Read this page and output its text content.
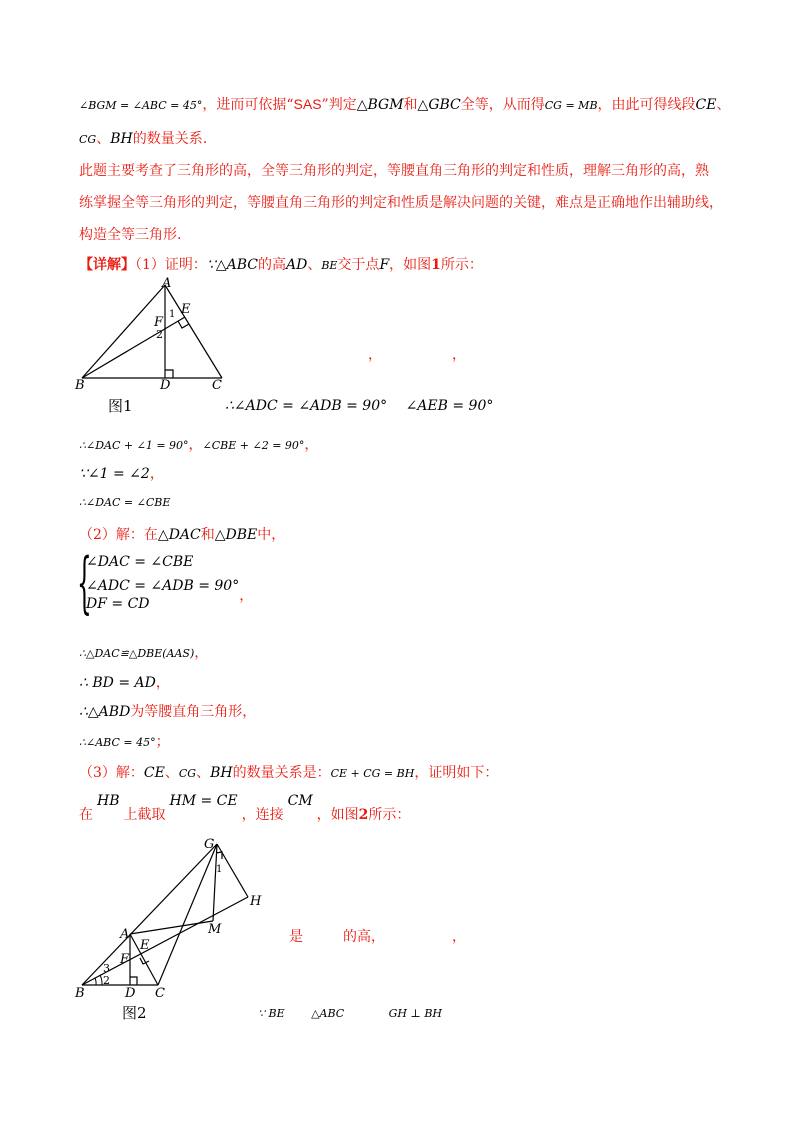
∠BGM = ∠ABC = 45°，进而可依据“SAS”判定△BGM和△GBC全等，从而得CG = MB，由此可得线段CE、
CG、BH的数量关系.
此题主要考查了三角形的高，全等三角形的判定，等腰直角三角形的判定和性质，理解三角形的高，熟
练掌握全等三角形的判定，等腰直角三角形的判定和性质是解决问题的关键，难点是正确地作出辅助线，
构造全等三角形.
【详解】（1）证明：∵△ABC的高AD、BE交于点F，如图1所示：
A
E
F
1
2
B	D	C
图1
，	，
∴∠ADC = ∠ADB = 90° ∠AEB = 90°
∴∠DAC + ∠1 = 90°，∠CBE + ∠2 = 90°，
∵∠1 = ∠2，
∴∠DAC = ∠CBE
（2）解：在△DAC和△DBE中，
{
∠DAC = ∠CBE
∠ADC = ∠ADB = 90°，
DF = CD
∴△DAC≌△DBE(AAS)，
∴ BD = AD，
∴△ABD为等腰直角三角形，
∴∠ABC = 45°；
（3）解：CE、CG、BH的数量关系是：CE + CG = BH，证明如下：
在HB上截取HM = CE，连接CM，如图2所示：
G
1
H
M
A
E
F
3
2
B	D C
图2
是	的高，	，
∵ BE △ABC	GH ⊥ BH
